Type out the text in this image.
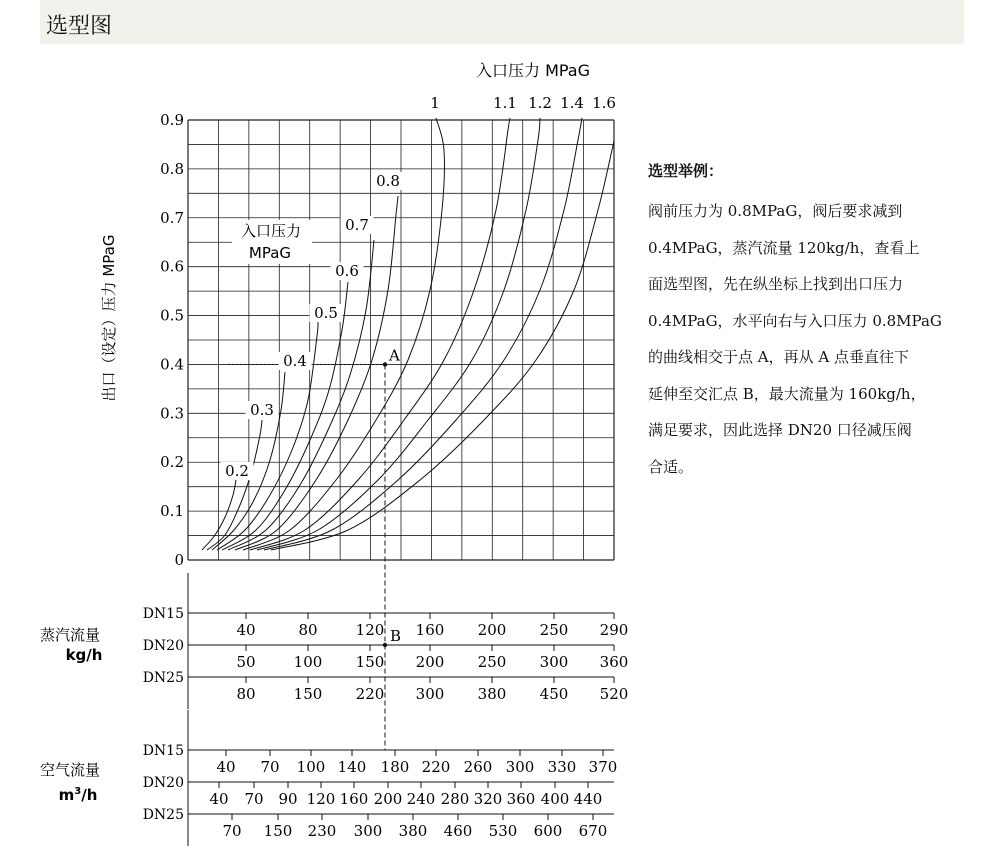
选型图
0
0.1
0.2
0.3
0.4
0.5
0.6
0.7
0.8
0.9
0.2
0.3
0.4
0.5
0.6
0.7
0.8
1	1.1 1.2 1.4 1.6
A
B
DN15
40	80	120 160 200 250 290
DN20
50	100 150 200 250 300 360
DN25
80	150 220 300 380 450 520
DN15
40 70 100 140 180 220 260 300 330 370
DN20
40 70 90 120 160 200 240 280 320 360 400 440
DN25
70 150 230 300 380 460 530 600 670
入口压力 MPaG
出口（设定）压力 MPaG
入口压力
MPaG
蒸汽流量
kg/h
空气流量
$m^3/h$
选型举例：
阀前压力为 0.8MPaG，阀后要求减到
0.4MPaG，蒸汽流量 120kg/h，查看上
面选型图，先在纵坐标上找到出口压力
0.4MPaG，水平向右与入口压力 0.8MPaG
的曲线相交于点 A，再从 A 点垂直往下
延伸至交汇点 B，最大流量为 160kg/h，
满足要求，因此选择 DN20 口径减压阀
合适。
